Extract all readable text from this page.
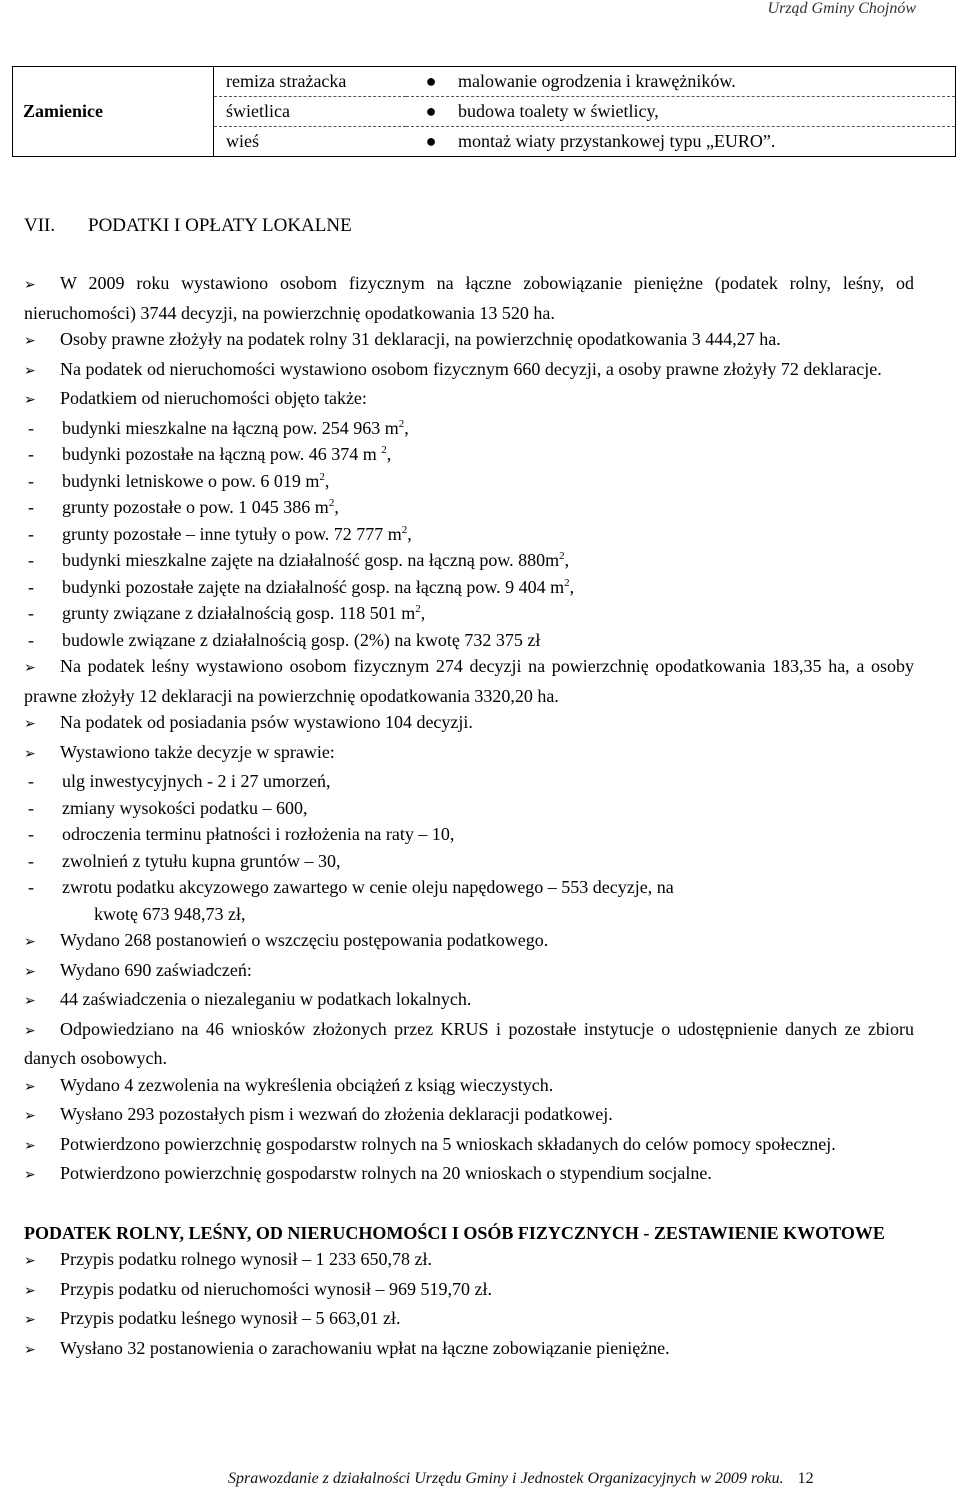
Urząd Gminy Chojnów
Zamienice	remiza strażacka	● malowanie ogrodzenia i krawężników.
	świetlica	● budowa toalety w świetlicy,
	wieś	● montaż wiaty przystankowej typu „EURO”.
VII. PODATKI I OPŁATY LOKALNE

➢ W 2009 roku wystawiono osobom fizycznym na łączne zobowiązanie pieniężne (podatek rolny, leśny, od nieruchomości) 3744 decyzji, na powierzchnię opodatkowania 13 520 ha.

➢ Osoby prawne złożyły na podatek rolny 31 deklaracji, na powierzchnię opodatkowania 3 444,27 ha.

➢ Na podatek od nieruchomości wystawiono osobom fizycznym 660 decyzji, a osoby prawne złożyły 72 deklaracje.

➢ Podatkiem od nieruchomości objęto także:

- budynki mieszkalne na łączną pow. 254 963 $m^2$,

- budynki pozostałe na łączną pow. 46 374 m $^2$,

- budynki letniskowe o pow. 6 019 $m^2$,

- grunty pozostałe o pow. 1 045 386 $m^2$,

- grunty pozostałe – inne tytuły o pow. 72 777 $m^2$,

- budynki mieszkalne zajęte na działalność gosp. na łączną pow. $880m^2$,

- budynki pozostałe zajęte na działalność gosp. na łączną pow. 9 404 $m^2$,

- grunty związane z działalnością gosp. 118 501 $m^2$,

- budowle związane z działalnością gosp. (2%) na kwotę 732 375 zł

➢ Na podatek leśny wystawiono osobom fizycznym 274 decyzji na powierzchnię opodatkowania 183,35 ha, a osoby prawne złożyły 12 deklaracji na powierzchnię opodatkowania 3320,20 ha.

➢ Na podatek od posiadania psów wystawiono 104 decyzji.

➢ Wystawiono także decyzje w sprawie:

- ulg inwestycyjnych - 2 i 27 umorzeń,

- zmiany wysokości podatku – 600,

- odroczenia terminu płatności i rozłożenia na raty – 10,

- zwolnień z tytułu kupna gruntów – 30,

- zwrotu podatku akcyzowego zawartego w cenie oleju napędowego – 553 decyzje, na

kwotę 673 948,73 zł,

➢ Wydano 268 postanowień o wszczęciu postępowania podatkowego.

➢ Wydano 690 zaświadczeń:

➢ 44 zaświadczenia o niezaleganiu w podatkach lokalnych.

➢ Odpowiedziano na 46 wniosków złożonych przez KRUS i pozostałe instytucje o udostępnienie danych ze zbioru danych osobowych.

➢ Wydano 4 zezwolenia na wykreślenia obciążeń z ksiąg wieczystych.

➢ Wysłano 293 pozostałych pism i wezwań do złożenia deklaracji podatkowej.

➢ Potwierdzono powierzchnię gospodarstw rolnych na 5 wnioskach składanych do celów pomocy społecznej.

➢ Potwierdzono powierzchnię gospodarstw rolnych na 20 wnioskach o stypendium socjalne.

PODATEK ROLNY, LEŚNY, OD NIERUCHOMOŚCI I OSÓB FIZYCZNYCH - ZESTAWIENIE KWOTOWE

➢ Przypis podatku rolnego wynosił – 1 233 650,78 zł.

➢ Przypis podatku od nieruchomości wynosił – 969 519,70 zł.

➢ Przypis podatku leśnego wynosił – 5 663,01 zł.

➢ Wysłano 32 postanowienia o zarachowaniu wpłat na łączne zobowiązanie pieniężne.

Sprawozdanie z działalności Urzędu Gminy i Jednostek Organizacyjnych w 2009 roku. 12
